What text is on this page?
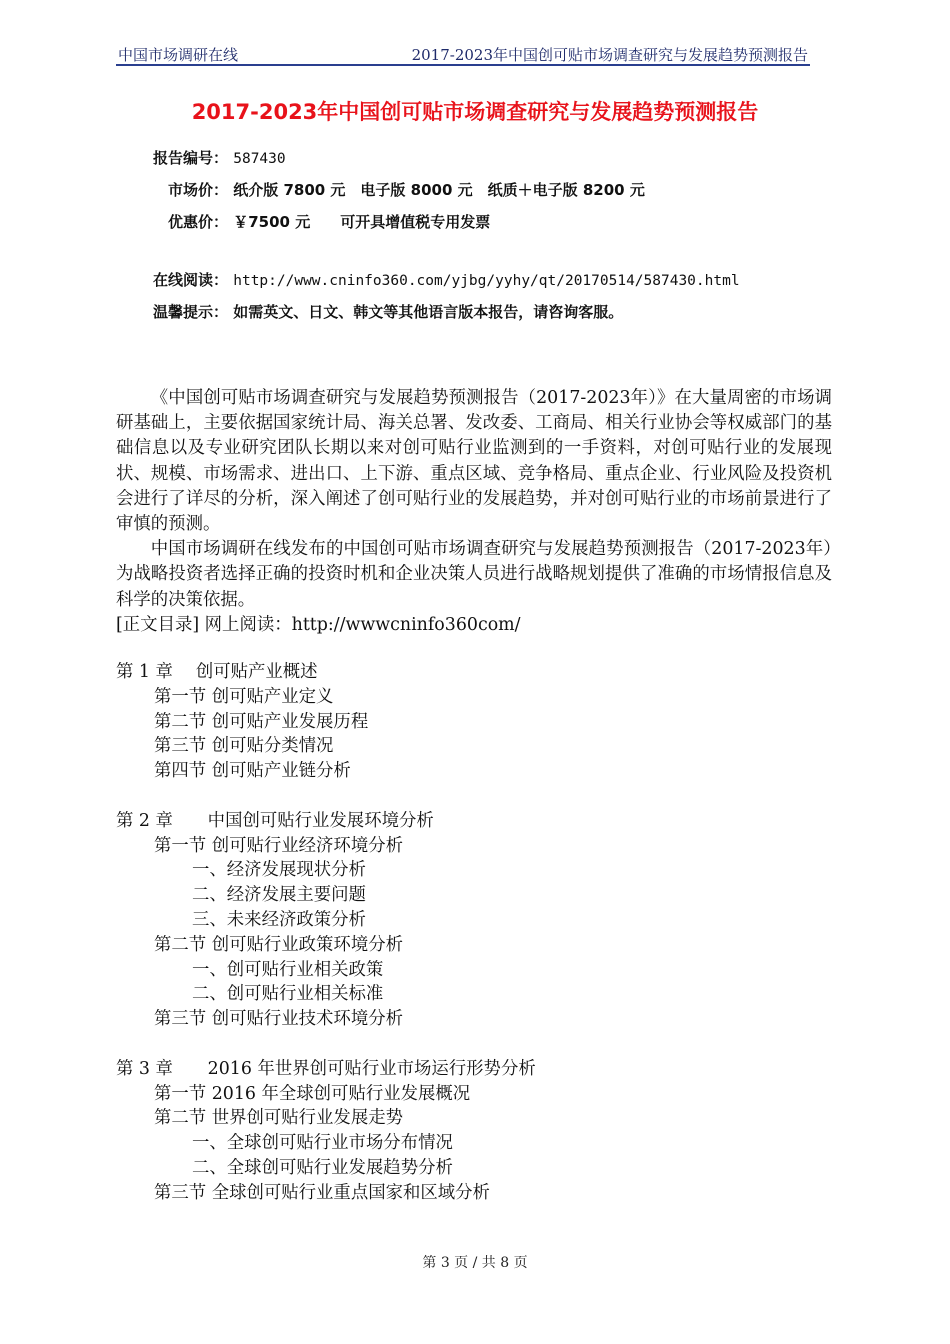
中国市场调研在线	2017-2023年中国创可贴市场调查研究与发展趋势预测报告
2017-2023年中国创可贴市场调查研究与发展趋势预测报告
报告编号： 587430
市场价： 纸介版 7800 元　电子版 8000 元　纸质＋电子版 8200 元
优惠价： ￥7500 元　　可开具增值税专用发票
在线阅读： http://www.cninfo360.com/yjbg/yyhy/qt/20170514/587430.html
温馨提示： 如需英文、日文、韩文等其他语言版本报告，请咨询客服。

《中国创可贴市场调查研究与发展趋势预测报告（2017-2023年）》在大量周密的市场调研基础上，主要依据国家统计局、海关总署、发改委、工商局、相关行业协会等权威部门的基础信息以及专业研究团队长期以来对创可贴行业监测到的一手资料，对创可贴行业的发展现状、规模、市场需求、进出口、上下游、重点区域、竞争格局、重点企业、行业风险及投资机会进行了详尽的分析，深入阐述了创可贴行业的发展趋势，并对创可贴行业的市场前景进行了审慎的预测。

中国市场调研在线发布的中国创可贴市场调查研究与发展趋势预测报告（2017-2023年）为战略投资者选择正确的投资时机和企业决策人员进行战略规划提供了准确的市场情报信息及科学的决策依据。

[正文目录] 网上阅读：http://wwwcninfo360com/

第 1 章　 创可贴产业概述

第一节 创可贴产业定义

第二节 创可贴产业发展历程

第三节 创可贴分类情况

第四节 创可贴产业链分析

第 2 章　　中国创可贴行业发展环境分析

第一节 创可贴行业经济环境分析

一、经济发展现状分析

二、经济发展主要问题

三、未来经济政策分析

第二节 创可贴行业政策环境分析

一、创可贴行业相关政策

二、创可贴行业相关标准

第三节 创可贴行业技术环境分析

第 3 章　　2016 年世界创可贴行业市场运行形势分析

第一节 2016 年全球创可贴行业发展概况

第二节 世界创可贴行业发展走势

一、全球创可贴行业市场分布情况

二、全球创可贴行业发展趋势分析

第三节 全球创可贴行业重点国家和区域分析

第 3 页 / 共 8 页
